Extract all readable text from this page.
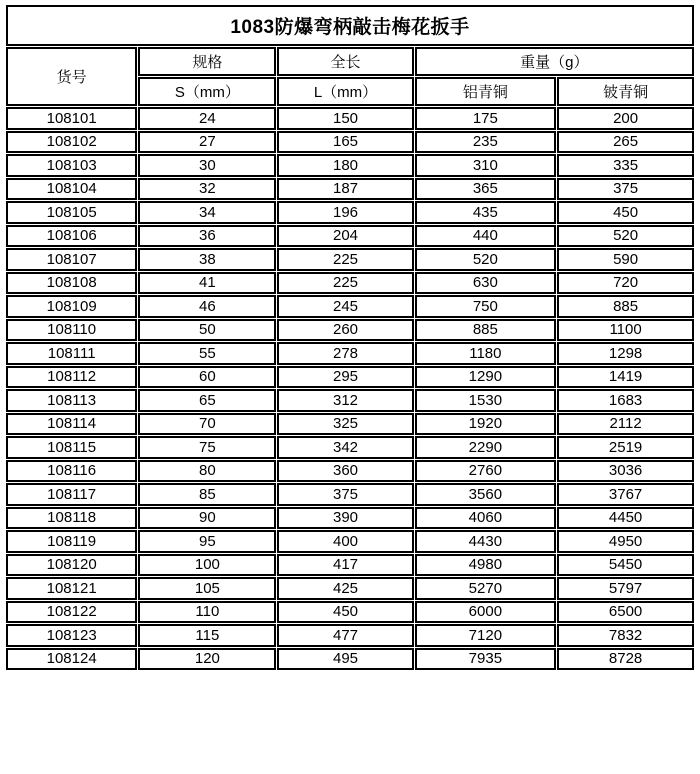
1083防爆弯柄敲击梅花扳手				
货号	规格	全长	重量（g）	
	S（mm）	L（mm）	铝青铜	铍青铜
108101	24	150	175	200
108102	27	165	235	265
108103	30	180	310	335
108104	32	187	365	375
108105	34	196	435	450
108106	36	204	440	520
108107	38	225	520	590
108108	41	225	630	720
108109	46	245	750	885
108110	50	260	885	1100
108111	55	278	1180	1298
108112	60	295	1290	1419
108113	65	312	1530	1683
108114	70	325	1920	2112
108115	75	342	2290	2519
108116	80	360	2760	3036
108117	85	375	3560	3767
108118	90	390	4060	4450
108119	95	400	4430	4950
108120	100	417	4980	5450
108121	105	425	5270	5797
108122	110	450	6000	6500
108123	115	477	7120	7832
108124	120	495	7935	8728
